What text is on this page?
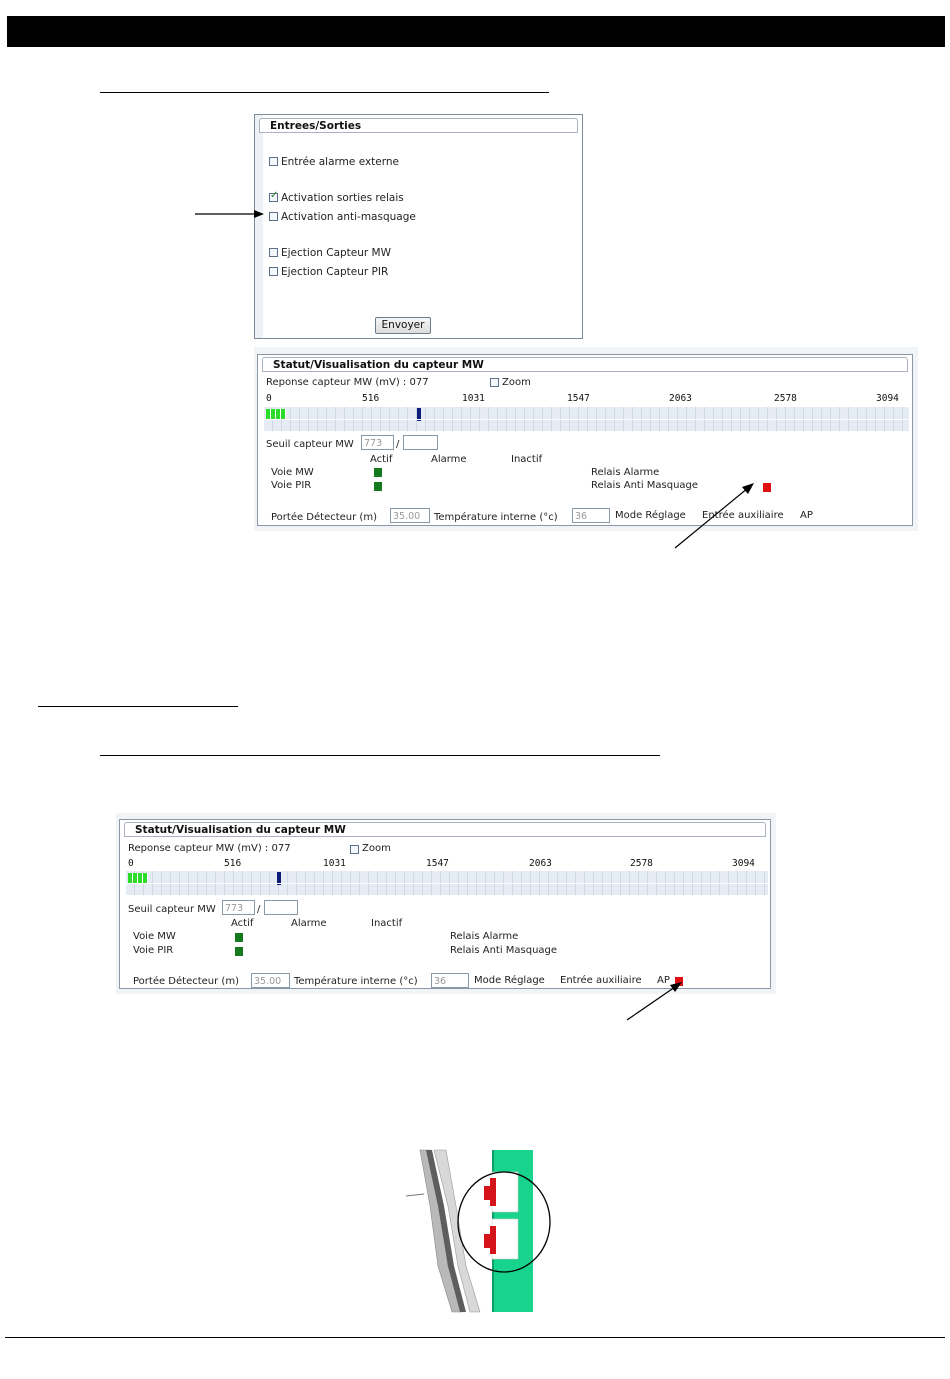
Entrees/Sorties
Entrée alarme externe
✓
Activation sorties relais
Activation anti-masquage
Ejection Capteur MW
Ejection Capteur PIR
Envoyer
Statut/Visualisation du capteur MW
Reponse capteur MW (mV) : 077	Zoom
0	516	1031	1547	2063	2578	3094
Seuil capteur MW	773	/
Actif	Alarme	Inactif
Voie MW
Voie PIR
Relais Alarme
Relais Anti Masquage
Portée Détecteur (m)	35.00	Température interne (°c)	36	Mode Réglage Entrée auxiliaire AP
Statut/Visualisation du capteur MW
Reponse capteur MW (mV) : 077	Zoom
0	516	1031	1547	2063	2578	3094
Seuil capteur MW 773	/
Actif	Alarme	Inactif
Voie MW
Voie PIR
Relais Alarme
Relais Anti Masquage
Portée Détecteur (m)	35.00	Température interne (°c)	36	Mode Réglage Entrée auxiliaire AP
